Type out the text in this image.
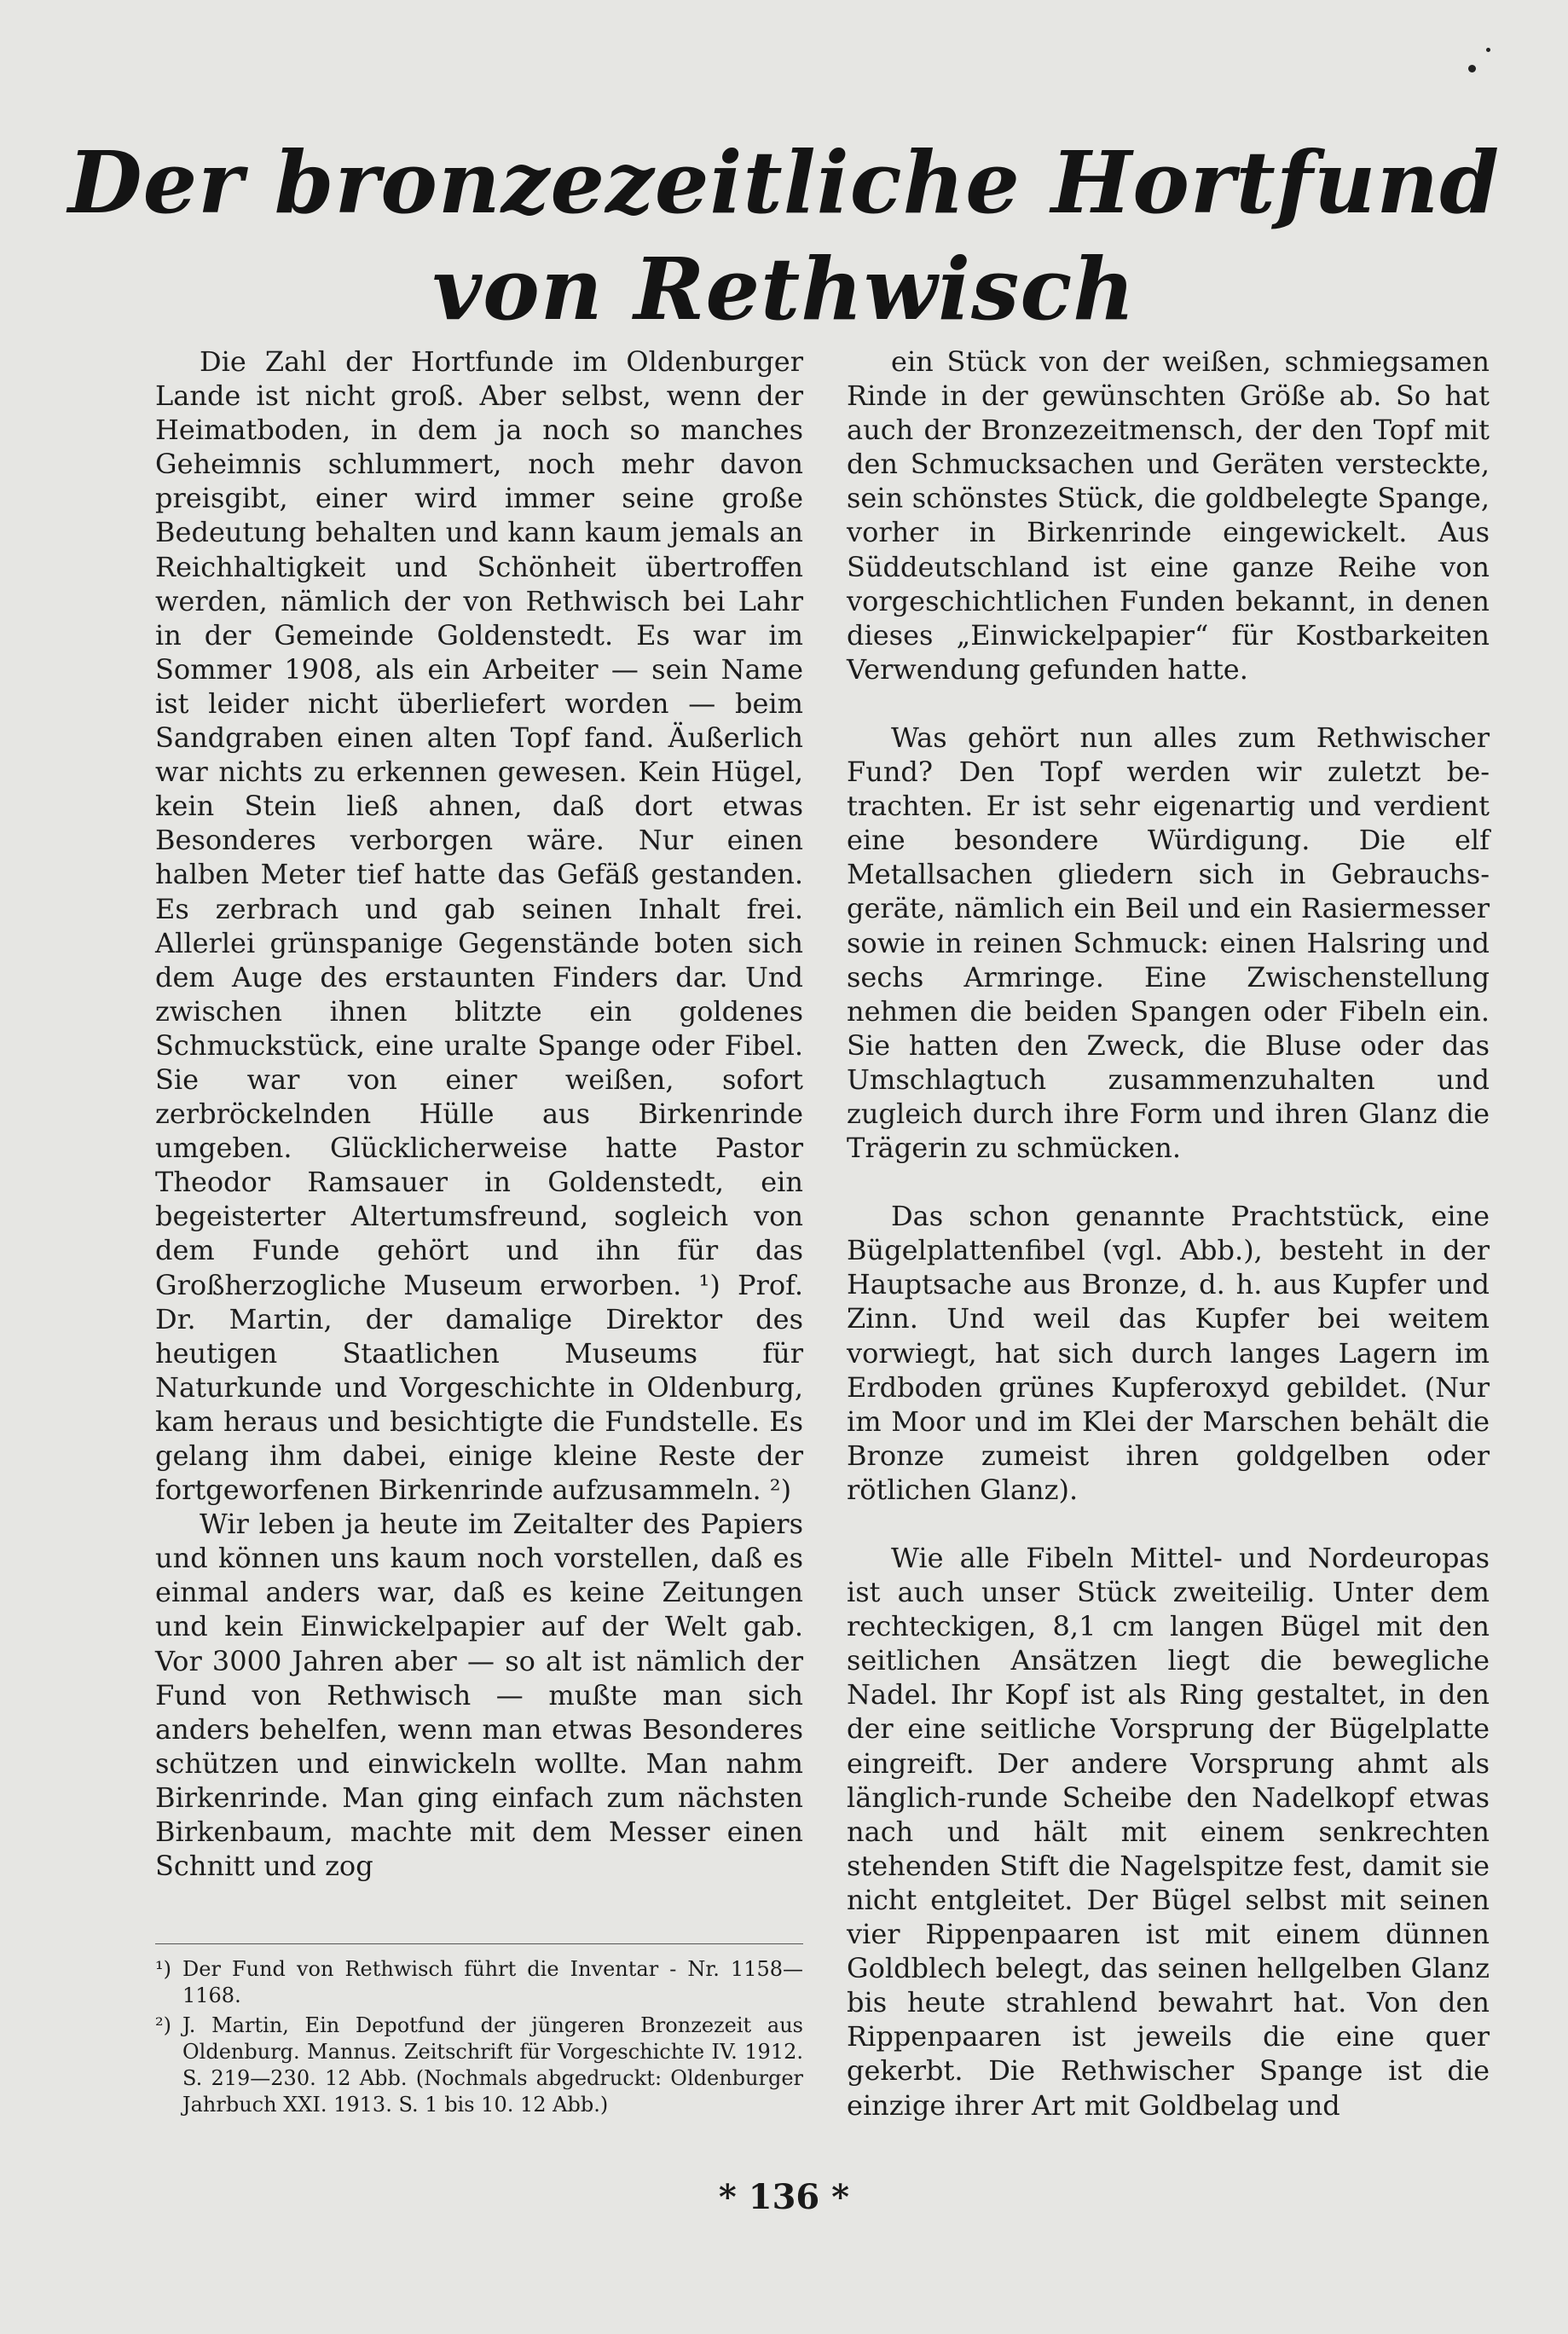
Der bronzezeitliche Hortfund
von Rethwisch

Die Zahl der Hortfunde im Oldenburger Lande ist nicht groß. Aber selbst, wenn der Heimatboden, in dem ja noch so manches Geheimnis schlummert, noch mehr davon preisgibt, einer wird immer seine große Bedeutung behalten und kann kaum jemals an Reichhaltigkeit und Schönheit übertroffen werden, nämlich der von Rethwisch bei Lahr in der Gemeinde Goldenstedt. Es war im Sommer 1908, als ein Arbeiter — sein Name ist leider nicht überliefert worden — beim Sandgraben einen alten Topf fand. Äußerlich war nichts zu erkennen gewesen. Kein Hügel, kein Stein ließ ahnen, daß dort etwas Besonderes verborgen wäre. Nur einen halben Meter tief hatte das Gefäß gestanden. Es zerbrach und gab seinen Inhalt frei. Allerlei grünspanige Gegenstände boten sich dem Auge des erstaunten Finders dar. Und zwischen ihnen blitzte ein goldenes Schmuckstück, eine uralte Spange oder Fibel. Sie war von einer weißen, sofort zerbröckelnden Hülle aus Birkenrinde umgeben. Glücklicherweise hatte Pastor Theodor Ramsauer in Goldenstedt, ein begeisterter Altertumsfreund, sogleich von dem Funde gehört und ihn für das Großherzogliche Museum erworben. ¹) Prof. Dr. Martin, der damalige Direktor des heutigen Staatlichen Museums für Naturkunde und Vorgeschichte in Oldenburg, kam heraus und besichtigte die Fundstelle. Es gelang ihm dabei, einige kleine Reste der fortgeworfenen Birkenrinde aufzusammeln. ²)

Wir leben ja heute im Zeitalter des Papiers und können uns kaum noch vorstellen, daß es einmal anders war, daß es keine Zeitungen und kein Einwickelpapier auf der Welt gab. Vor 3000 Jahren aber — so alt ist nämlich der Fund von Rethwisch — mußte man sich anders behelfen, wenn man etwas Besonderes schützen und einwickeln wollte. Man nahm Birkenrinde. Man ging einfach zum nächsten Birkenbaum, machte mit dem Messer einen Schnitt und zog

ein Stück von der weißen, schmiegsamen Rinde in der gewünschten Größe ab. So hat auch der Bronzezeitmensch, der den Topf mit den Schmucksachen und Geräten versteckte, sein schönstes Stück, die goldbelegte Spange, vorher in Birkenrinde eingewickelt. Aus Süddeutschland ist eine ganze Reihe von vorgeschichtlichen Funden bekannt, in denen dieses „Einwickelpapier“ für Kostbarkeiten Verwendung gefunden hatte.

Was gehört nun alles zum Rethwischer Fund? Den Topf werden wir zuletzt betrachten. Er ist sehr eigenartig und verdient eine besondere Würdigung. Die elf Metallsachen gliedern sich in Gebrauchsgeräte, nämlich ein Beil und ein Rasiermesser sowie in reinen Schmuck: einen Halsring und sechs Armringe. Eine Zwischenstellung nehmen die beiden Spangen oder Fibeln ein. Sie hatten den Zweck, die Bluse oder das Umschlagtuch zusammenzuhalten und zugleich durch ihre Form und ihren Glanz die Trägerin zu schmücken.

Das schon genannte Prachtstück, eine Bügelplattenfibel (vgl. Abb.), besteht in der Hauptsache aus Bronze, d. h. aus Kupfer und Zinn. Und weil das Kupfer bei weitem vorwiegt, hat sich durch langes Lagern im Erdboden grünes Kupferoxyd gebildet. (Nur im Moor und im Klei der Marschen behält die Bronze zumeist ihren goldgelben oder rötlichen Glanz).

Wie alle Fibeln Mittel- und Nordeuropas ist auch unser Stück zweiteilig. Unter dem rechteckigen, 8,1 cm langen Bügel mit den seitlichen Ansätzen liegt die bewegliche Nadel. Ihr Kopf ist als Ring gestaltet, in den der eine seitliche Vorsprung der Bügelplatte eingreift. Der andere Vorsprung ahmt als länglich-runde Scheibe den Nadelkopf etwas nach und hält mit einem senkrechten stehenden Stift die Nagelspitze fest, damit sie nicht entgleitet. Der Bügel selbst mit seinen vier Rippenpaaren ist mit einem dünnen Goldblech belegt, das seinen hellgelben Glanz bis heute strahlend bewahrt hat. Von den Rippenpaaren ist jeweils die eine quer gekerbt. Die Rethwischer Spange ist die einzige ihrer Art mit Goldbelag und

¹) Der Fund von Rethwisch führt die Inventar - Nr. 1158—1168.
²) J. Martin, Ein Depotfund der jüngeren Bronzezeit aus Oldenburg. Mannus. Zeitschrift für Vorgeschichte IV. 1912. S. 219—230. 12 Abb. (Nochmals abgedruckt: Oldenburger Jahrbuch XXI. 1913. S. 1 bis 10. 12 Abb.)
* 136 *
